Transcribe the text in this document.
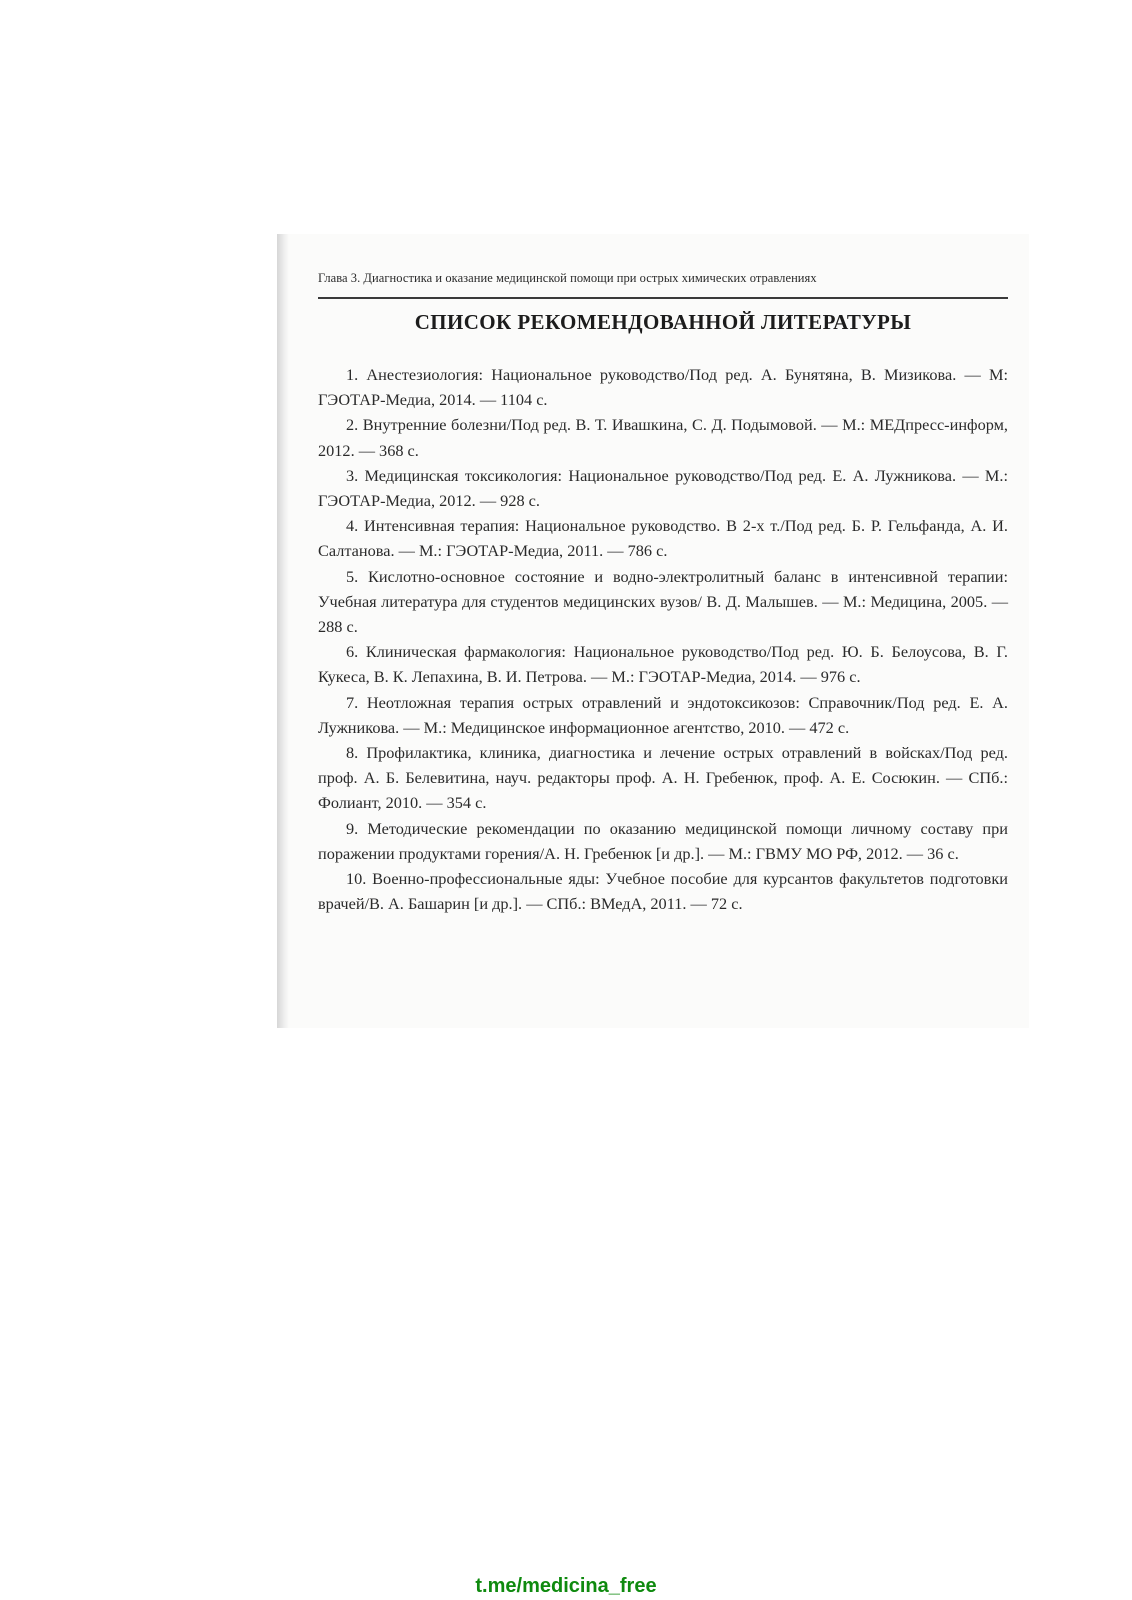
Глава 3. Диагностика и оказание медицинской помощи при острых химических отравлениях
СПИСОК РЕКОМЕНДОВАННОЙ ЛИТЕРАТУРЫ
1. Анестезиология: Национальное руководство/Под ред. А. Бунятяна, В. Мизикова. — М: ГЭОТАР-Медиа, 2014. — 1104 с.
2. Внутренние болезни/Под ред. В. Т. Ивашкина, С. Д. Подымовой. — М.: МЕДпресс-информ, 2012. — 368 с.
3. Медицинская токсикология: Национальное руководство/Под ред. Е. А. Лужникова. — М.: ГЭОТАР-Медиа, 2012. — 928 с.
4. Интенсивная терапия: Национальное руководство. В 2-х т./Под ред. Б. Р. Гельфанда, А. И. Салтанова. — М.: ГЭОТАР-Медиа, 2011. — 786 с.
5. Кислотно-основное состояние и водно-электролитный баланс в интенсивной терапии: Учебная литература для студентов медицинских вузов/ В. Д. Малышев. — М.: Медицина, 2005. — 288 с.
6. Клиническая фармакология: Национальное руководство/Под ред. Ю. Б. Белоусова, В. Г. Кукеса, В. К. Лепахина, В. И. Петрова. — М.: ГЭОТАР-Медиа, 2014. — 976 с.
7. Неотложная терапия острых отравлений и эндотоксикозов: Справочник/Под ред. Е. А. Лужникова. — М.: Медицинское информационное агентство, 2010. — 472 с.
8. Профилактика, клиника, диагностика и лечение острых отравлений в войсках/Под ред. проф. А. Б. Белевитина, науч. редакторы проф. А. Н. Гребенюк, проф. А. Е. Сосюкин. — СПб.: Фолиант, 2010. — 354 с.
9. Методические рекомендации по оказанию медицинской помощи личному составу при поражении продуктами горения/А. Н. Гребенюк [и др.]. — М.: ГВМУ МО РФ, 2012. — 36 с.
10. Военно-профессиональные яды: Учебное пособие для курсантов факультетов подготовки врачей/В. А. Башарин [и др.]. — СПб.: ВМедА, 2011. — 72 с.
t.me/medicina_free
